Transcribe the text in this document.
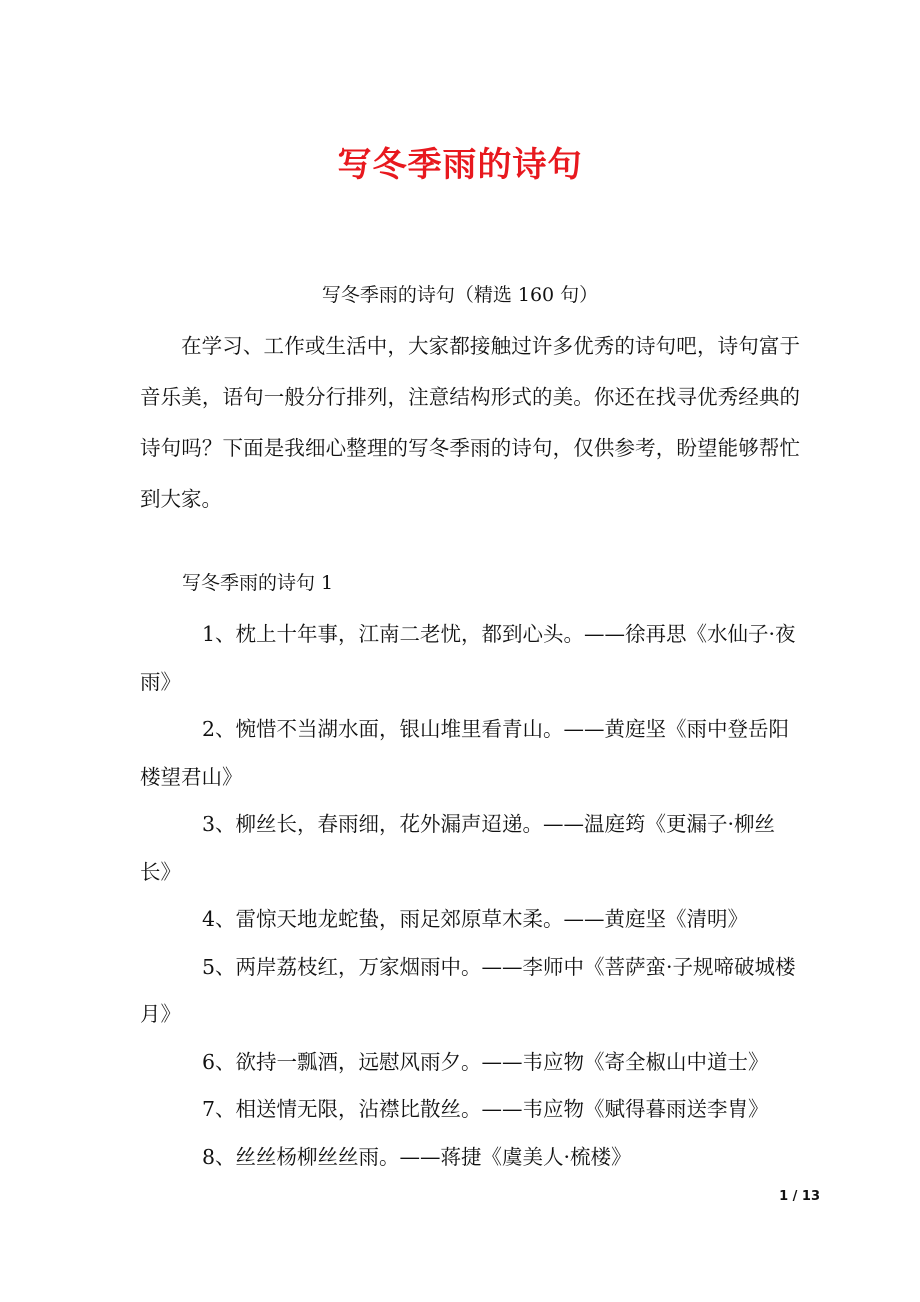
写冬季雨的诗句
写冬季雨的诗句（精选 160 句）

在学习、工作或生活中，大家都接触过许多优秀的诗句吧，诗句富于音乐美，语句一般分行排列，注意结构形式的美。你还在找寻优秀经典的诗句吗？下面是我细心整理的写冬季雨的诗句，仅供参考，盼望能够帮忙到大家。

写冬季雨的诗句 1
1、枕上十年事，江南二老忧，都到心头。——徐再思《水仙子·夜雨》
2、惋惜不当湖水面，银山堆里看青山。——黄庭坚《雨中登岳阳楼望君山》
3、柳丝长，春雨细，花外漏声迢递。——温庭筠《更漏子·柳丝长》
4、雷惊天地龙蛇蛰，雨足郊原草木柔。——黄庭坚《清明》
5、两岸荔枝红，万家烟雨中。——李师中《菩萨蛮·子规啼破城楼月》
6、欲持一瓢酒，远慰风雨夕。——韦应物《寄全椒山中道士》
7、相送情无限，沾襟比散丝。——韦应物《赋得暮雨送李胄》
8、丝丝杨柳丝丝雨。——蒋捷《虞美人·梳楼》
1 / 13
